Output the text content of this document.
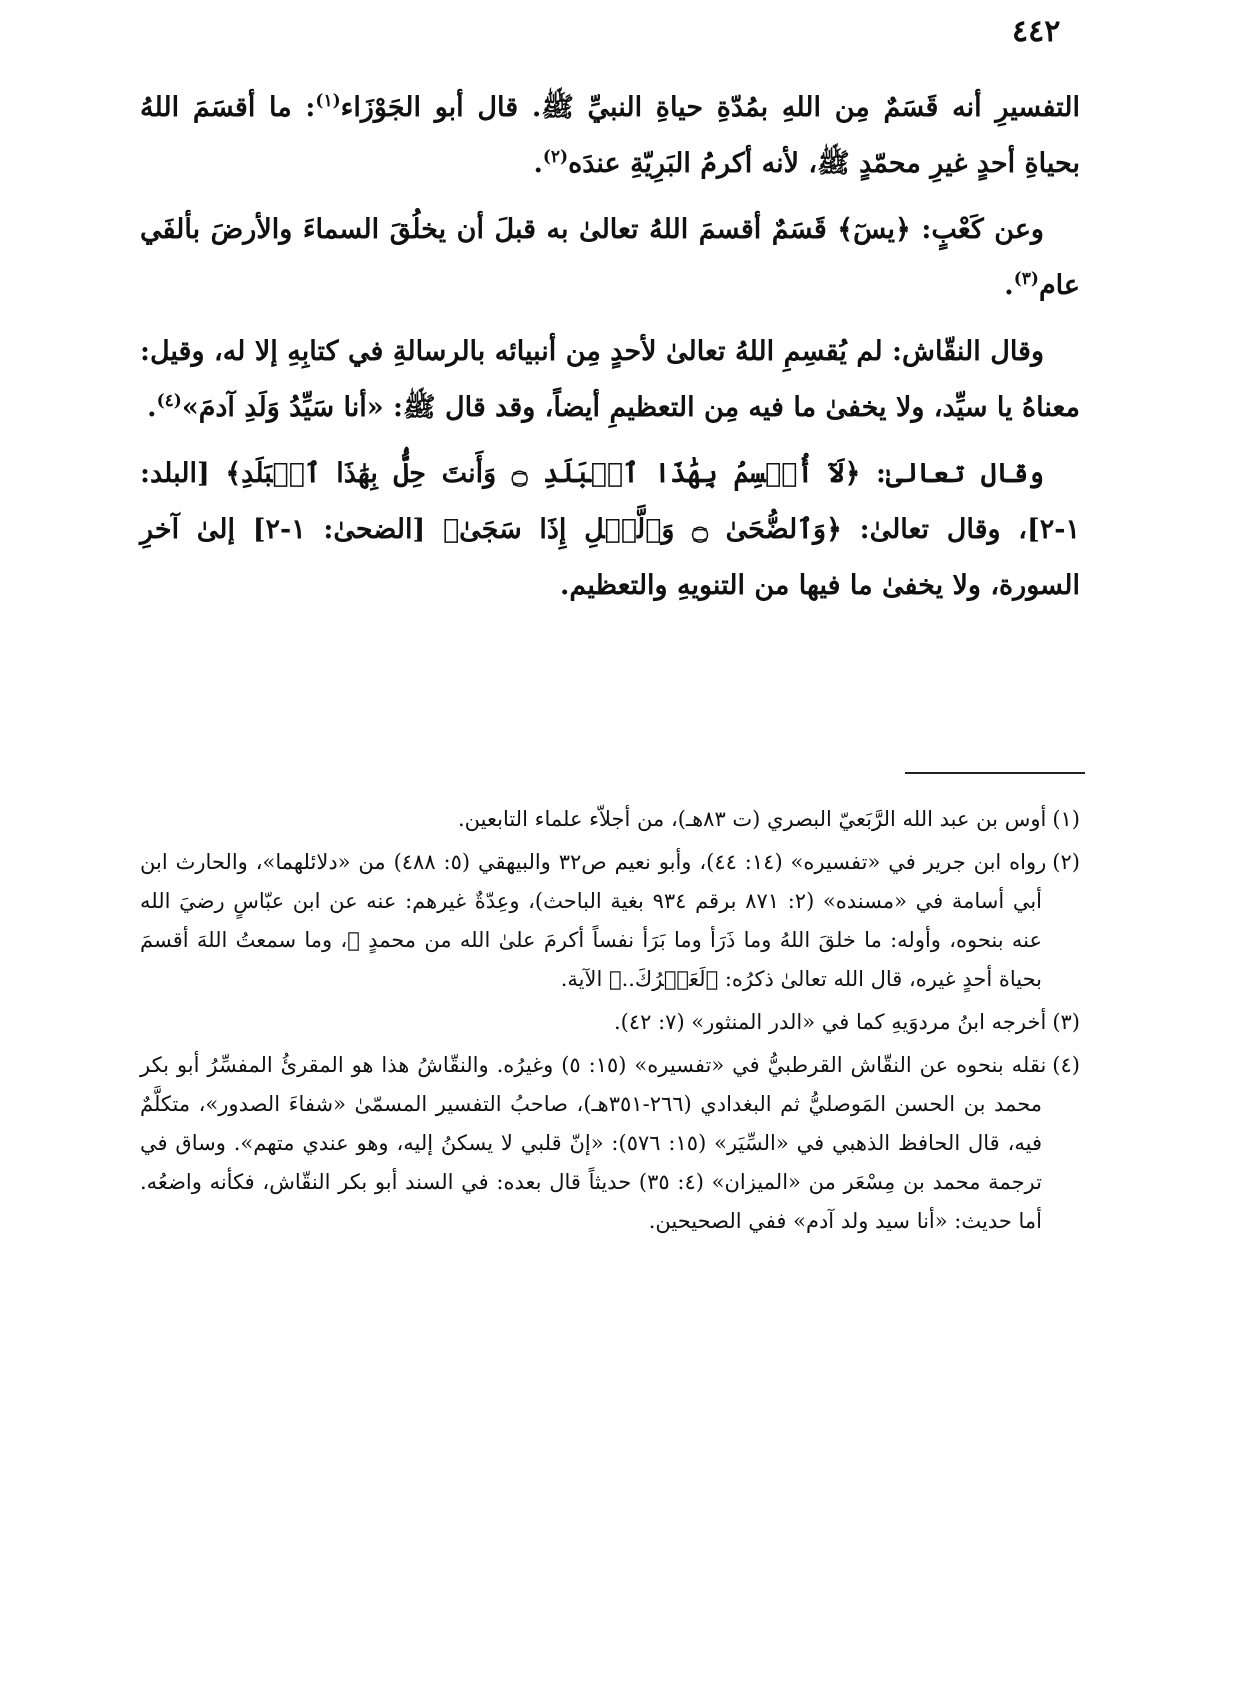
٤٤٢

التفسيرِ أنه قَسَمٌ مِن اللهِ بمُدّةِ حياةِ النبيِّ ﷺ. قال أبو الجَوْزَاء$^{(١)}$: ما أقسَمَ اللهُ بحياةِ أحدٍ غيرِ محمّدٍ ﷺ، لأنه أكرمُ البَرِيّةِ عندَه$^{(٢)}$.

وعن كَعْبٍ: ﴿يسٓ﴾ قَسَمٌ أقسمَ اللهُ تعالىٰ به قبلَ أن يخلُقَ السماءَ والأرضَ بألفَي عام$^{(٣)}$.

وقال النقّاش: لم يُقسِمِ اللهُ تعالىٰ لأحدٍ مِن أنبيائه بالرسالةِ في كتابِهِ إلا له، وقيل: معناهُ يا سيِّد، ولا يخفىٰ ما فيه مِن التعظيمِ أيضاً، وقد قال ﷺ: «أنا سَيِّدُ وَلَدِ آدمَ»$^{(٤)}$.

وقال تعالىٰ: ﴿لَآ أُقۡسِمُ بِهَٰذَا ٱلۡبَلَدِ ۝ وَأَنتَ حِلُّۢ بِهَٰذَا ٱلۡبَلَدِ﴾ [البلد: ١-٢]، وقال تعالىٰ: ﴿وَٱلضُّحَىٰ ۝ وَٱلَّيۡلِ إِذَا سَجَىٰ﴾ [الضحىٰ: ١-٢] إلىٰ آخرِ السورة، ولا يخفىٰ ما فيها من التنويهِ والتعظيم.

(١)أوس بن عبد الله الرَّبَعيّ البصري (ت ٨٣هـ)، من أجلاّء علماء التابعين.

(٢)رواه ابن جرير في «تفسيره» (١٤: ٤٤)، وأبو نعيم ص٣٢ والبيهقي (٥: ٤٨٨) من «دلائلهما»، والحارث ابن أبي أسامة في «مسنده» (٢: ٨٧١ برقم ٩٣٤ بغية الباحث)، وعِدّةٌ غيرهم: عنه عن ابن عبّاسٍ رضيَ الله عنه بنحوه، وأوله: ما خلقَ اللهُ وما ذَرَأ وما بَرَأ نفساً أكرمَ علىٰ الله من محمدٍ ﷺ، وما سمعتُ اللهَ أقسمَ بحياة أحدٍ غيره، قال الله تعالىٰ ذكرُه: ﴿لَعَمۡرُكَ..﴾ الآية.

(٣)أخرجه ابنُ مردوَيهِ كما في «الدر المنثور» (٧: ٤٢).

(٤)نقله بنحوه عن النقّاش القرطبيُّ في «تفسيره» (١٥: ٥) وغيرُه. والنقّاشُ هذا هو المقرئُ المفسِّرُ أبو بكر محمد بن الحسن المَوصليُّ ثم البغدادي (٢٦٦-٣٥١هـ)، صاحبُ التفسير المسمّىٰ «شفاءَ الصدور»، متكلَّمٌ فيه، قال الحافظ الذهبي في «السِّيَر» (١٥: ٥٧٦): «إنّ قلبي لا يسكنُ إليه، وهو عندي متهم». وساق في ترجمة محمد بن مِسْعَر من «الميزان» (٤: ٣٥) حديثاً قال بعده: في السند أبو بكر النقّاش، فكأنه واضعُه. أما حديث: «أنا سيد ولد آدم» ففي الصحيحين.
